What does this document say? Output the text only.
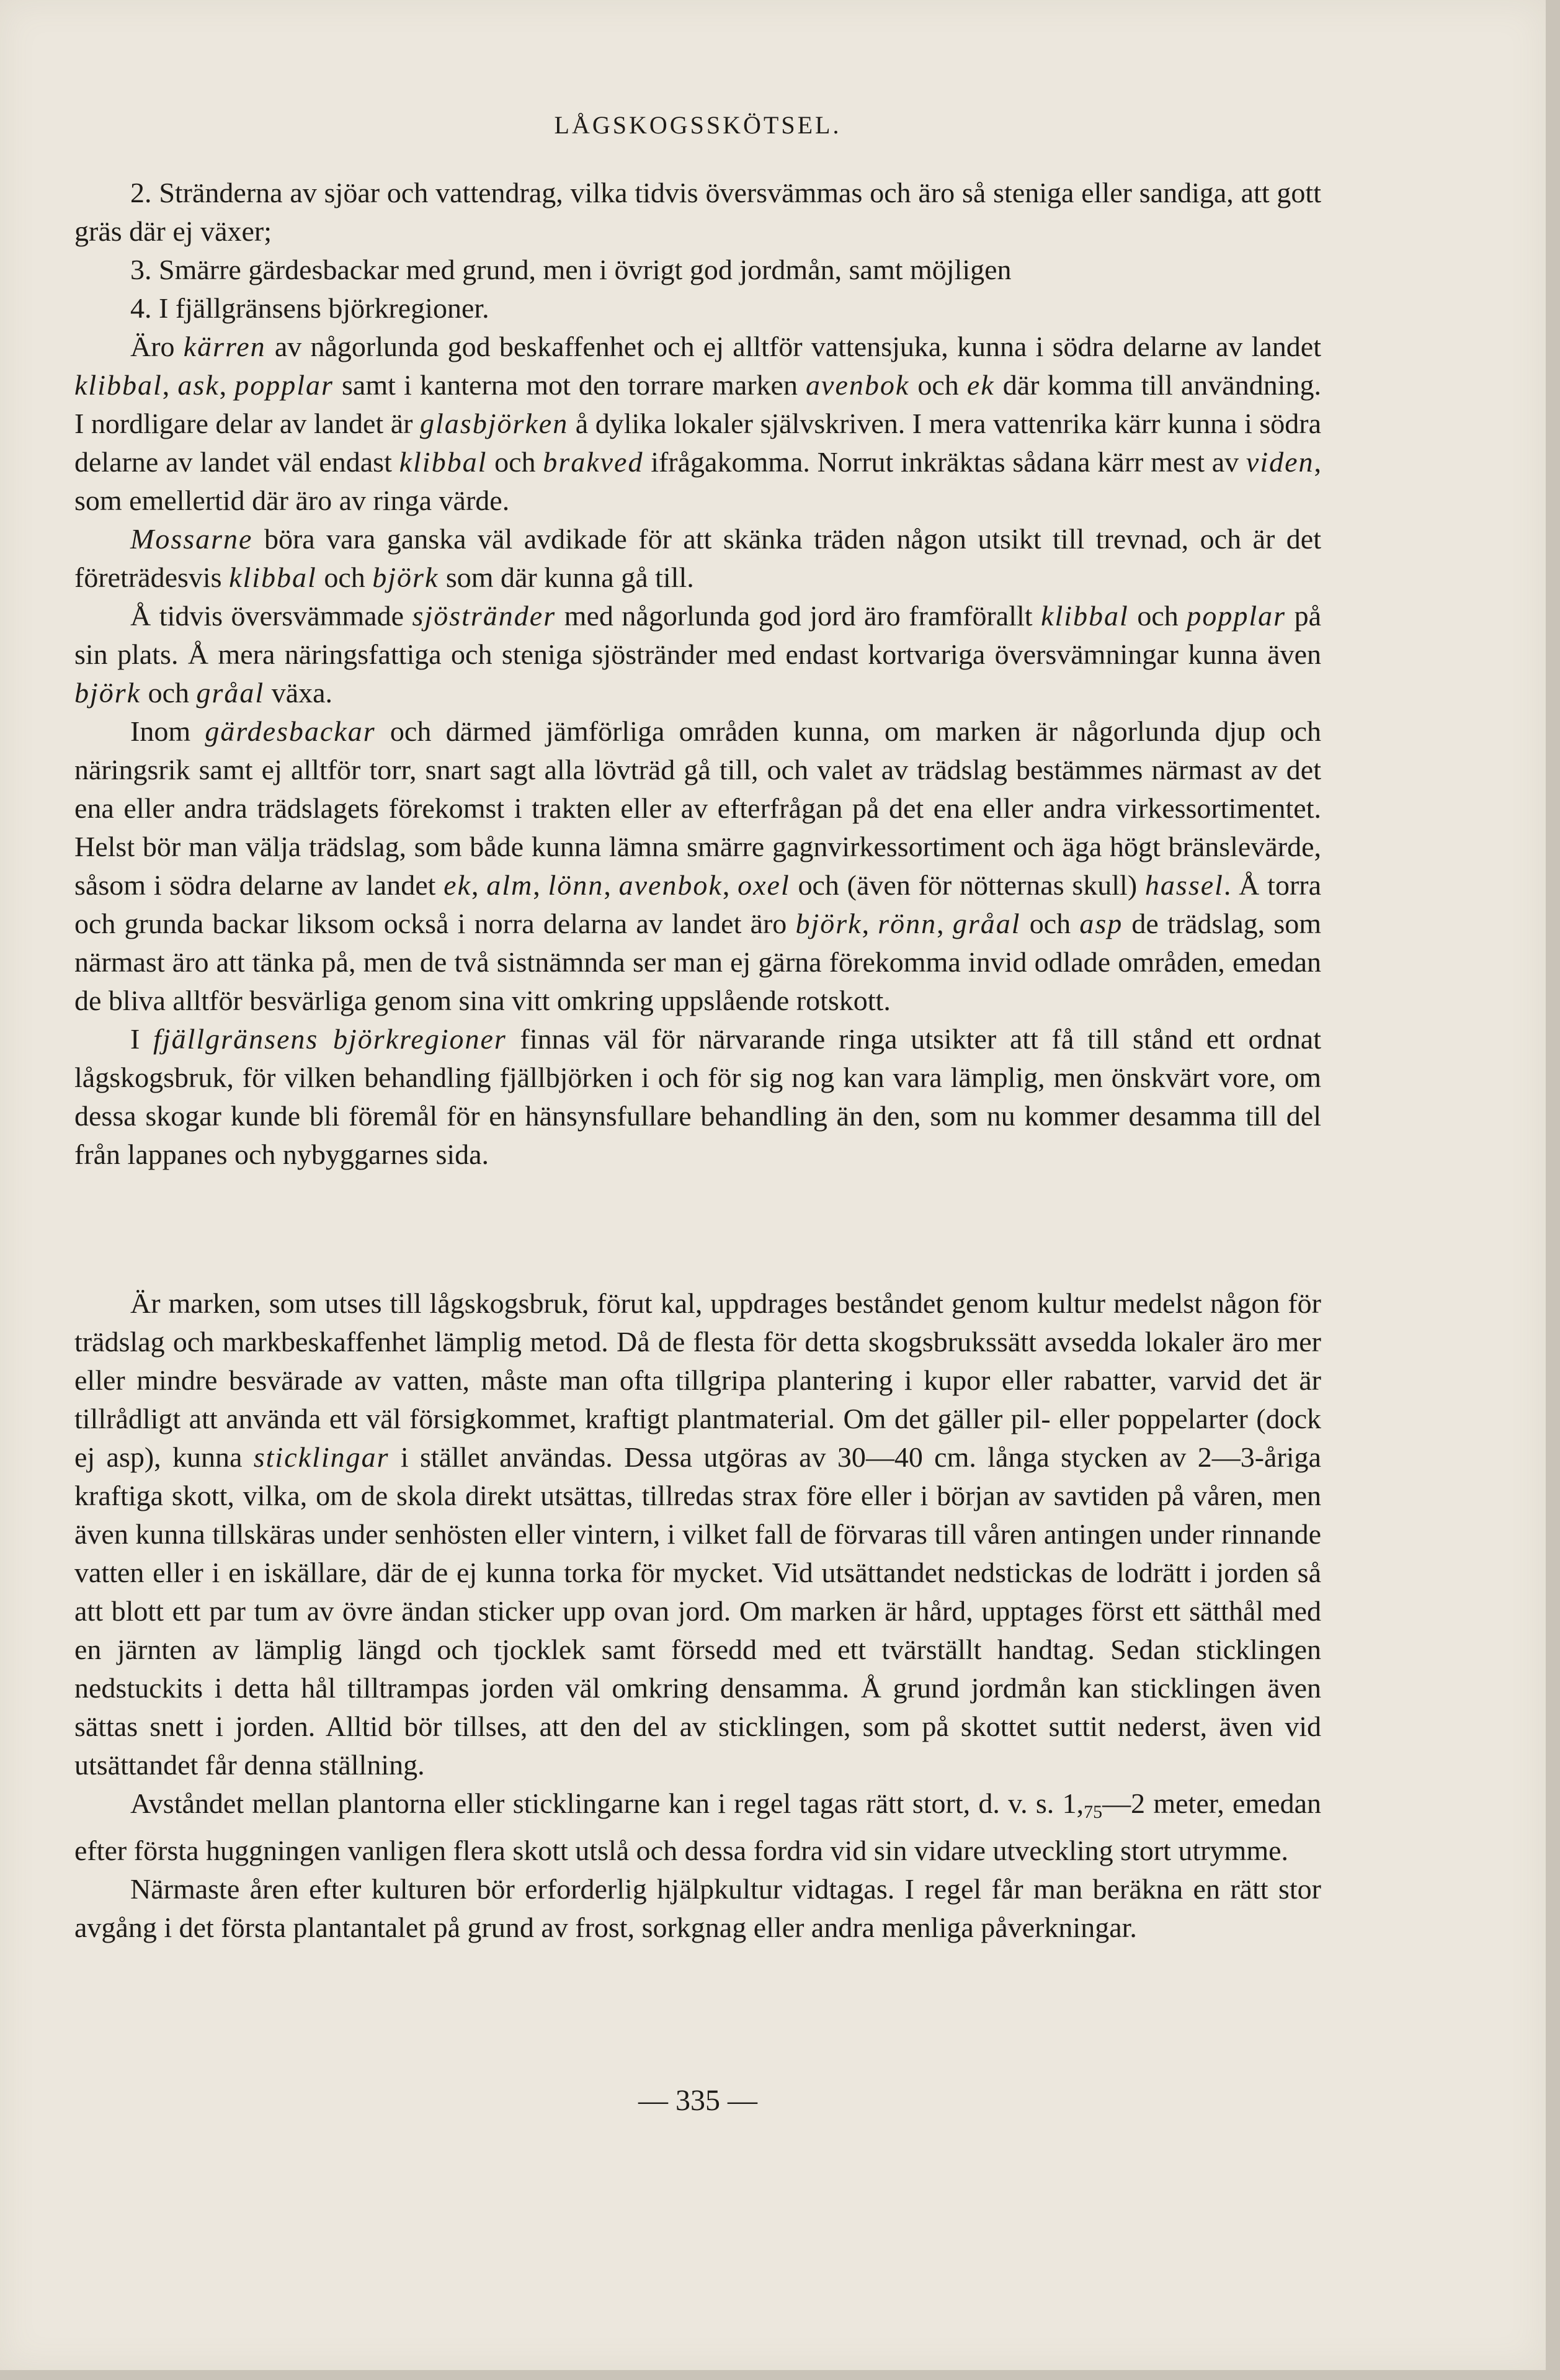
LÅGSKOGSSKÖTSEL.

2. Stränderna av sjöar och vattendrag, vilka tidvis översvämmas och äro så steniga eller sandiga, att gott gräs där ej växer;

3. Smärre gärdesbackar med grund, men i övrigt god jordmån, samt möjligen

4. I fjällgränsens björkregioner.

Äro kärren av någorlunda god beskaffenhet och ej alltför vattensjuka, kunna i södra delarne av landet klibbal, ask, popplar samt i kanterna mot den torrare marken avenbok och ek där komma till användning. I nordligare delar av landet är glasbjörken å dylika lokaler självskriven. I mera vattenrika kärr kunna i södra delarne av landet väl endast klibbal och brakved ifrågakomma. Norrut inkräktas sådana kärr mest av viden, som emellertid där äro av ringa värde.

Mossarne böra vara ganska väl avdikade för att skänka träden någon utsikt till trevnad, och är det företrädesvis klibbal och björk som där kunna gå till.

Å tidvis översvämmade sjöstränder med någorlunda god jord äro framförallt klibbal och popplar på sin plats. Å mera näringsfattiga och steniga sjöstränder med endast kortvariga översvämningar kunna även björk och gråal växa.

Inom gärdesbackar och därmed jämförliga områden kunna, om marken är någorlunda djup och näringsrik samt ej alltför torr, snart sagt alla lövträd gå till, och valet av trädslag bestämmes närmast av det ena eller andra trädslagets förekomst i trakten eller av efterfrågan på det ena eller andra virkessortimentet. Helst bör man välja trädslag, som både kunna lämna smärre gagnvirkessortiment och äga högt bränslevärde, såsom i södra delarne av landet ek, alm, lönn, avenbok, oxel och (även för nötternas skull) hassel. Å torra och grunda backar liksom också i norra delarna av landet äro björk, rönn, gråal och asp de trädslag, som närmast äro att tänka på, men de två sistnämnda ser man ej gärna förekomma invid odlade områden, emedan de bliva alltför besvärliga genom sina vitt omkring uppslående rotskott.

I fjällgränsens björkregioner finnas väl för närvarande ringa utsikter att få till stånd ett ordnat lågskogsbruk, för vilken behandling fjällbjörken i och för sig nog kan vara lämplig, men önskvärt vore, om dessa skogar kunde bli föremål för en hänsynsfullare behandling än den, som nu kommer desamma till del från lappanes och nybyggarnes sida.

Är marken, som utses till lågskogsbruk, förut kal, uppdrages beståndet genom kultur medelst någon för trädslag och markbeskaffenhet lämplig metod. Då de flesta för detta skogsbrukssätt avsedda lokaler äro mer eller mindre besvärade av vatten, måste man ofta tillgripa plantering i kupor eller rabatter, varvid det är tillrådligt att använda ett väl försigkommet, kraftigt plantmaterial. Om det gäller pil- eller poppelarter (dock ej asp), kunna sticklingar i stället användas. Dessa utgöras av 30—40 cm. långa stycken av 2—3-åriga kraftiga skott, vilka, om de skola direkt utsättas, tillredas strax före eller i början av savtiden på våren, men även kunna tillskäras under senhösten eller vintern, i vilket fall de förvaras till våren antingen under rinnande vatten eller i en iskällare, där de ej kunna torka för mycket. Vid utsättandet nedstickas de lodrätt i jorden så att blott ett par tum av övre ändan sticker upp ovan jord. Om marken är hård, upptages först ett sätthål med en järnten av lämplig längd och tjocklek samt försedd med ett tvärställt handtag. Sedan sticklingen nedstuckits i detta hål tilltrampas jorden väl omkring densamma. Å grund jordmån kan sticklingen även sättas snett i jorden. Alltid bör tillses, att den del av sticklingen, som på skottet suttit nederst, även vid utsättandet får denna ställning.

Avståndet mellan plantorna eller sticklingarne kan i regel tagas rätt stort, d. v. s. $1,_{75}—2$ meter, emedan efter första huggningen vanligen flera skott utslå och dessa fordra vid sin vidare utveckling stort utrymme.

Närmaste åren efter kulturen bör erforderlig hjälpkultur vidtagas. I regel får man beräkna en rätt stor avgång i det första plantantalet på grund av frost, sorkgnag eller andra menliga påverkningar.

— 335 —
